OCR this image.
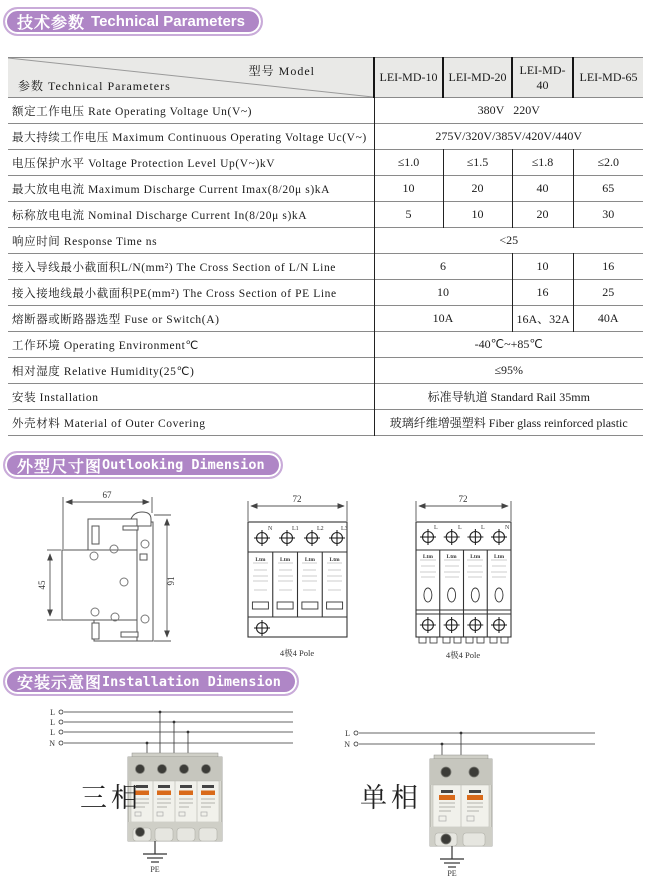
技术参数 Technical Parameters
型号 Model
参数 Technical Parameters	LEI-MD-10	LEI-MD-20	LEI-MD-40	LEI-MD-65
额定工作电压 Rate Operating Voltage Un(V~)	380V   220V			
最大持续工作电压 Maximum Continuous Operating Voltage Uc(V~)	275V/320V/385V/420V/440V			
电压保护水平 Voltage Protection Level Up(V~)kV	≤1.0	≤1.5	≤1.8	≤2.0
最大放电电流 Maximum Discharge Current Imax(8/20μ s)kA	10	20	40	65
标称放电电流 Nominal Discharge Current In(8/20μ s)kA	5	10	20	30
响应时间 Response Time ns	<25			
接入导线最小截面积L/N(mm²) The Cross Section of L/N Line	6		10	16
接入接地线最小截面积PE(mm²) The Cross Section of PE Line	10		16	25
熔断器或断路器选型 Fuse or Switch(A)	10A		16A、32A	40A
工作环境 Operating Environment℃	-40℃~+85℃			
相对湿度 Relative Humidity(25℃)	≤95%			
安装 Installation	标准导轨道 Standard Rail 35mm			
外壳材料 Material of Outer Covering	玻璃纤维增强塑料 Fiber glass reinforced plastic			
外型尺寸图 Outlooking Dimension
67
45	91
72
N	L1	L2	L3
Ltm	Ltm	Ltm	Ltm
4极4 Pole
72
L	L	L	N
Ltm Ltm Ltm Ltm
4极4 Pole
安装示意图 Installation Dimension
L
L
L
N
PE
L
N
PE
三相	单相
